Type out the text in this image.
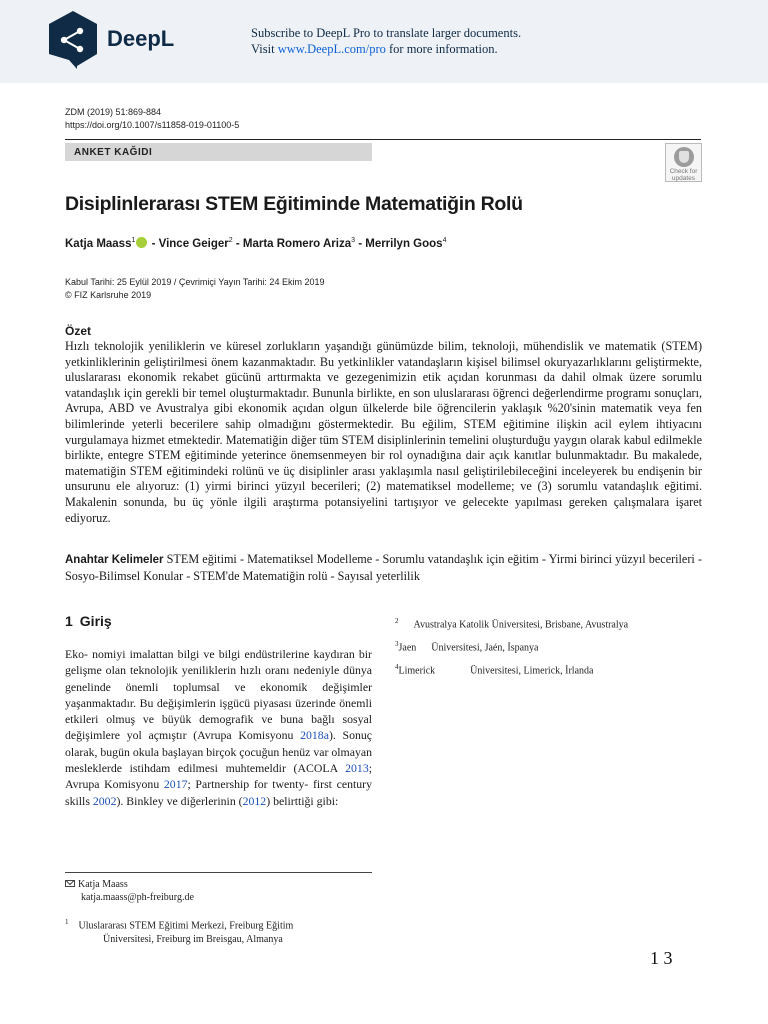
DeepL	Subscribe to DeepL Pro to translate larger documents.
Visit www.DeepL.com/pro for more information.
ZDM (2019) 51:869-884
https://doi.org/10.1007/s11858-019-01100-5
ANKET KAĞIDI
Check for updates
Disiplinlerarası STEM Eğitiminde Matematiğin Rolü
Katja Maass$^1$ - Vince Geiger$^2$ - Marta Romero Ariza$^3$ - Merrilyn Goos$^4$
Kabul Tarihi: 25 Eylül 2019 / Çevrimiçi Yayın Tarihi: 24 Ekim 2019
© FIZ Karlsruhe 2019
Özet

Hızlı teknolojik yeniliklerin ve küresel zorlukların yaşandığı günümüzde bilim, teknoloji, mühendislik ve matematik (STEM) yetkinliklerinin geliştirilmesi önem kazanmaktadır. Bu yetkinlikler vatandaşların kişisel bilimsel okuryazarlıklarını geliştirmekte, uluslararası ekonomik rekabet gücünü arttırmakta ve gezegenimizin etik açıdan korunması da dahil olmak üzere sorumlu vatandaşlık için gerekli bir temel oluşturmaktadır. Bununla birlikte, en son uluslararası öğrenci değerlendirme programı sonuçları, Avrupa, ABD ve Avustralya gibi ekonomik açıdan olgun ülkelerde bile öğrencilerin yaklaşık %20'sinin matematik veya fen bilimlerinde yeterli becerilere sahip olmadığını göstermektedir. Bu eğilim, STEM eğitimine ilişkin acil eylem ihtiyacını vurgulamaya hizmet etmektedir. Matematiğin diğer tüm STEM disiplinlerinin temelini oluşturduğu yaygın olarak kabul edilmekle birlikte, entegre STEM eğitiminde yeterince önemsenmeyen bir rol oynadığına dair açık kanıtlar bulunmaktadır. Bu makalede, matematiğin STEM eğitimindeki rolünü ve üç disiplinler arası yaklaşımla nasıl geliştirilebileceğini inceleyerek bu endişenin bir unsurunu ele alıyoruz: (1) yirmi birinci yüzyıl becerileri; (2) matematiksel modelleme; ve (3) sorumlu vatandaşlık eğitimi. Makalenin sonunda, bu üç yönle ilgili araştırma potansiyelini tartışıyor ve gelecekte yapılması gereken çalışmalara işaret ediyoruz.

Anahtar Kelimeler STEM eğitimi - Matematiksel Modelleme - Sorumlu vatandaşlık için eğitim - Yirmi birinci yüzyıl becerileri - Sosyo-Bilimsel Konular - STEM'de Matematiğin rolü - Sayısal yeterlilik

1 Giriş

Eko- nomiyi imalattan bilgi ve bilgi endüstrilerine kaydıran bir gelişme olan teknolojik yeniliklerin hızlı oranı nedeniyle dünya genelinde önemli toplumsal ve ekonomik değişimler yaşanmaktadır. Bu değişimlerin işgücü piyasası üzerinde önemli etkileri olmuş ve büyük demografik ve buna bağlı sosyal değişimlere yol açmıştır (Avrupa Komisyonu 2018a). Sonuç olarak, bugün okula başlayan birçok çocuğun henüz var olmayan mesleklerde istihdam edilmesi muhtemeldir (ACOLA 2013; Avrupa Komisyonu 2017; Partnership for twenty- first century skills 2002). Binkley ve diğerlerinin (2012) belirttiği gibi:

$^2$ Avustralya Katolik Üniversitesi, Brisbane, Avustralya
$^3$Jaen      Üniversitesi, Jaén, İspanya
$^4$Limerick              Üniversitesi, Limerick, İrlanda
Katja Maass
katja.maass@ph-freiburg.de
$^1$ Uluslararası STEM Eğitimi Merkezi, Freiburg Eğitim
Üniversitesi, Freiburg im Breisgau, Almanya
1 3
